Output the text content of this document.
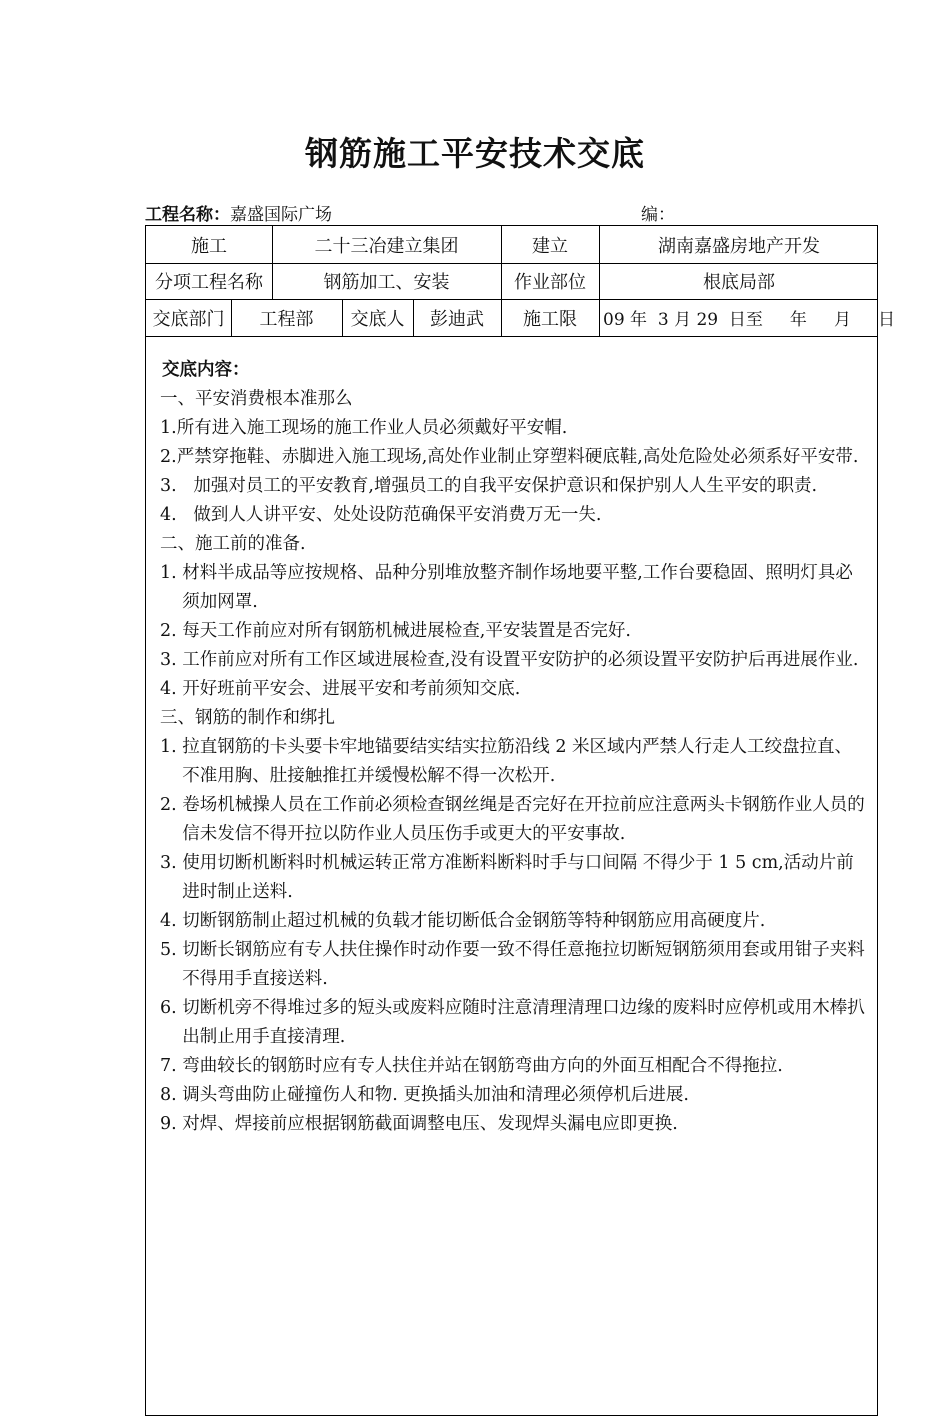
钢筋施工平安技术交底
工程名称：嘉盛国际广场	编：
施工	二十三冶建立集团	建立	湖南嘉盛房地产开发
分项工程名称	钢筋加工、安装	作业部位	根底局部
交底部门	工程部	交底人	彭迪武	施工限	09 年  3 月 29  日至     年     月     日
交底内容：
一、平安消费根本准那么
1. 所有进入施工现场的施工作业人员必须戴好平安帽.
2. 严禁穿拖鞋、赤脚进入施工现场,高处作业制止穿塑料硬底鞋,高处危险处必须系好平安带.
3. 加强对员工的平安教育,增强员工的自我平安保护意识和保护别人人生平安的职责.
4. 做到人人讲平安、处处设防范确保平安消费万无一失.
二、施工前的准备.
1. 材料半成品等应按规格、品种分别堆放整齐制作场地要平整,工作台要稳固、照明灯具必须加网罩.
2. 每天工作前应对所有钢筋机械进展检查,平安装置是否完好.
3. 工作前应对所有工作区域进展检查,没有设置平安防护的必须设置平安防护后再进展作业.
4. 开好班前平安会、进展平安和考前须知交底.
三、钢筋的制作和绑扎
1. 拉直钢筋的卡头要卡牢地锚要结实结实拉筋沿线 2 米区域内严禁人行走人工绞盘拉直、不准用胸、肚接触推扛并缓慢松解不得一次松开.
2. 卷场机械操人员在工作前必须检查钢丝绳是否完好在开拉前应注意两头卡钢筋作业人员的信未发信不得开拉以防作业人员压伤手或更大的平安事故.
3. 使用切断机断料时机械运转正常方准断料断料时手与口间隔 不得少于 1 5 cm,活动片前进时制止送料.
4. 切断钢筋制止超过机械的负载才能切断低合金钢筋等特种钢筋应用高硬度片.
5. 切断长钢筋应有专人扶住操作时动作要一致不得任意拖拉切断短钢筋须用套或用钳子夹料不得用手直接送料.
6. 切断机旁不得堆过多的短头或废料应随时注意清理清理口边缘的废料时应停机或用木棒扒出制止用手直接清理.
7. 弯曲较长的钢筋时应有专人扶住并站在钢筋弯曲方向的外面互相配合不得拖拉.
8. 调头弯曲防止碰撞伤人和物. 更换插头加油和清理必须停机后进展.
9. 对焊、焊接前应根据钢筋截面调整电压、发现焊头漏电应即更换.
